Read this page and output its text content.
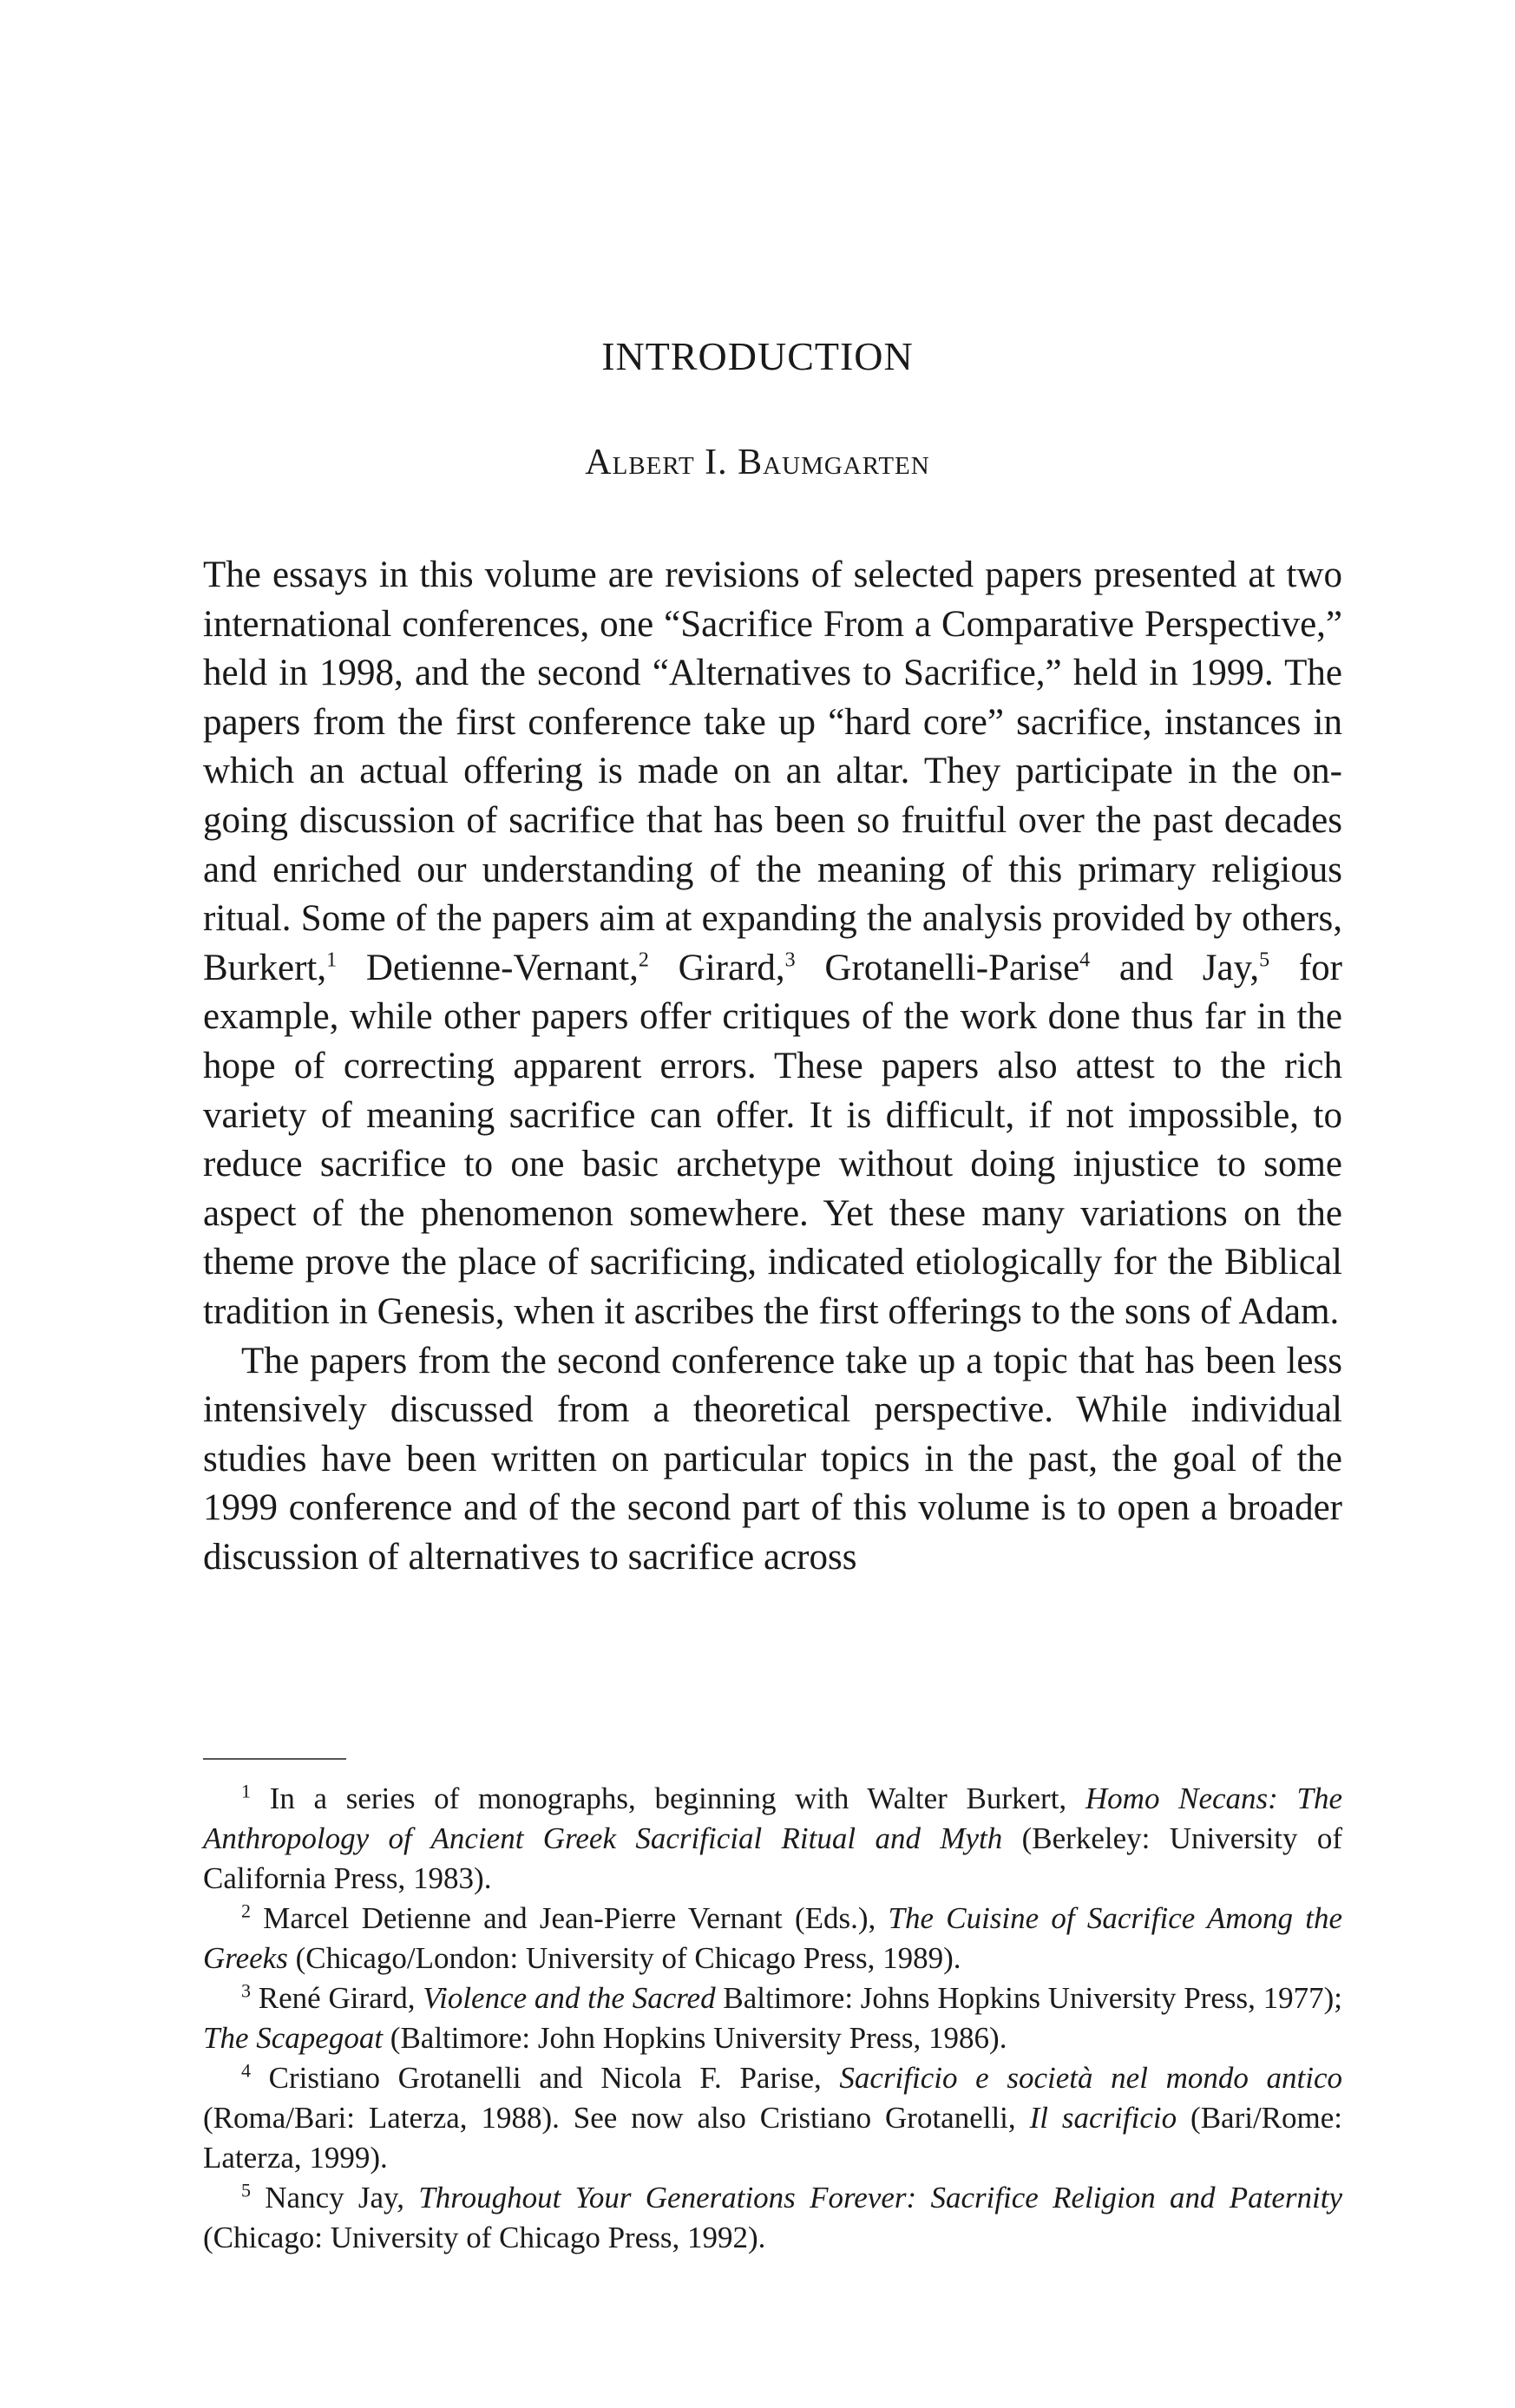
INTRODUCTION
Albert I. Baumgarten

The essays in this volume are revisions of selected papers presented at two international conferences, one “Sacrifice From a Comparative Perspective,” held in 1998, and the second “Alternatives to Sacrifice,” held in 1999. The papers from the first conference take up “hard core” sacrifice, instances in which an actual offering is made on an altar. They participate in the on-going discussion of sacrifice that has been so fruitful over the past decades and enriched our understanding of the meaning of this primary religious ritual. Some of the papers aim at expanding the analysis provided by others, Burkert,$^1$ Detienne-Vernant,$^2$ Girard,$^3$ Grotanelli-Parise$^4$ and Jay,$^5$ for example, while other papers offer critiques of the work done thus far in the hope of correcting apparent errors. These papers also attest to the rich variety of meaning sacrifice can offer. It is difficult, if not impossible, to reduce sacrifice to one basic archetype without doing injustice to some aspect of the phenomenon somewhere. Yet these many variations on the theme prove the place of sacrificing, indicated etiologically for the Biblical tradition in Genesis, when it ascribes the first offerings to the sons of Adam.

The papers from the second conference take up a topic that has been less intensively discussed from a theoretical perspective. While individual studies have been written on particular topics in the past, the goal of the 1999 conference and of the second part of this volume is to open a broader discussion of alternatives to sacrifice across

$^1$ In a series of monographs, beginning with Walter Burkert, Homo Necans: The Anthropology of Ancient Greek Sacrificial Ritual and Myth (Berkeley: University of California Press, 1983).

$^2$ Marcel Detienne and Jean-Pierre Vernant (Eds.), The Cuisine of Sacrifice Among the Greeks (Chicago/London: University of Chicago Press, 1989).

$^3$ René Girard, Violence and the Sacred Baltimore: Johns Hopkins University Press, 1977); The Scapegoat (Baltimore: John Hopkins University Press, 1986).

$^4$ Cristiano Grotanelli and Nicola F. Parise, Sacrificio e società nel mondo antico (Roma/Bari: Laterza, 1988). See now also Cristiano Grotanelli, Il sacrificio (Bari/Rome: Laterza, 1999).

$^5$ Nancy Jay, Throughout Your Generations Forever: Sacrifice Religion and Paternity (Chicago: University of Chicago Press, 1992).
